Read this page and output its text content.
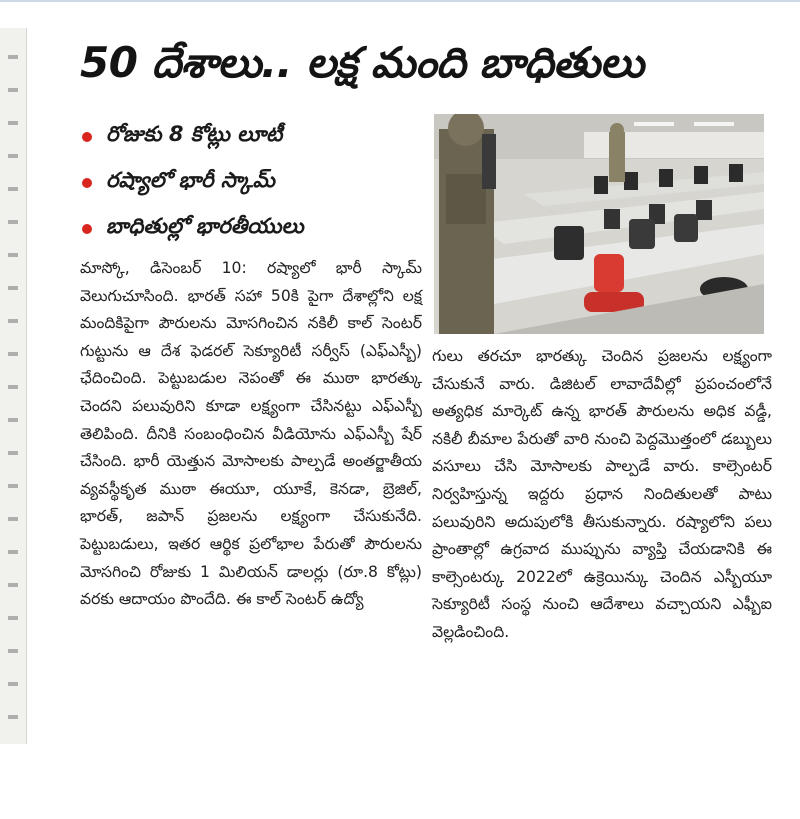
50 దేశాలు.. లక్ష మంది బాధితులు
రోజుకు 8 కోట్లు లూటీ
రష్యాలో భారీ స్కామ్
బాధితుల్లో భారతీయులు

మాస్కో, డిసెంబర్ 10: రష్యాలో భారీ స్కామ్ వెలుగుచూసింది. భారత్ సహా 50కి పైగా దేశాల్లోని లక్ష మందికిపైగా పౌరులను మోసగించిన నకిలీ కాల్ సెంటర్ గుట్టును ఆ దేశ ఫెడరల్ సెక్యూరిటీ సర్వీస్ (ఎఫ్ఎస్బీ) ఛేదించింది. పెట్టుబడుల నెపంతో ఈ ముఠా భారత్కు చెందని పలువురిని కూడా లక్ష్యంగా చేసినట్టు ఎఫ్ఎస్బీ తెలిపింది. దీనికి సంబంధించిన వీడియోను ఎఫ్ఎస్బీ షేర్ చేసింది. భారీ యెత్తున మోసాలకు పాల్పడే అంతర్జాతీయ వ్యవస్థీకృత ముఠా ఈయూ, యూకే, కెనడా, బ్రెజిల్, భారత్, జపాన్ ప్రజలను లక్ష్యంగా చేసుకునేది. పెట్టుబడులు, ఇతర ఆర్థిక ప్రలోభాల పేరుతో పౌరులను మోసగించి రోజుకు 1 మిలియన్ డాలర్లు (రూ.8 కోట్లు) వరకు ఆదాయం పొందేది. ఈ కాల్ సెంటర్ ఉద్యో

గులు తరచూ భారత్కు చెందిన ప్రజలను లక్ష్యంగా చేసుకునే వారు. డిజిటల్ లావాదేవీల్లో ప్రపంచంలోనే అత్యధిక మార్కెట్ ఉన్న భారత్ పౌరులను అధిక వడ్డీ, నకిలీ బీమాల పేరుతో వారి నుంచి పెద్దమొత్తంలో డబ్బులు వసూలు చేసి మోసాలకు పాల్పడే వారు. కాల్సెంటర్ నిర్వహిస్తున్న ఇద్దరు ప్రధాన నిందితులతో పాటు పలువురిని అదుపులోకి తీసుకున్నారు. రష్యాలోని పలు ప్రాంతాల్లో ఉగ్రవాద ముప్పును వ్యాప్తి చేయడానికి ఈ కాల్సెంటర్కు 2022లో ఉక్రెయిన్కు చెందిన ఎస్బీయూ సెక్యూరిటీ సంస్థ నుంచి ఆదేశాలు వచ్చాయని ఎఫ్బీఐ వెల్లడించింది.
